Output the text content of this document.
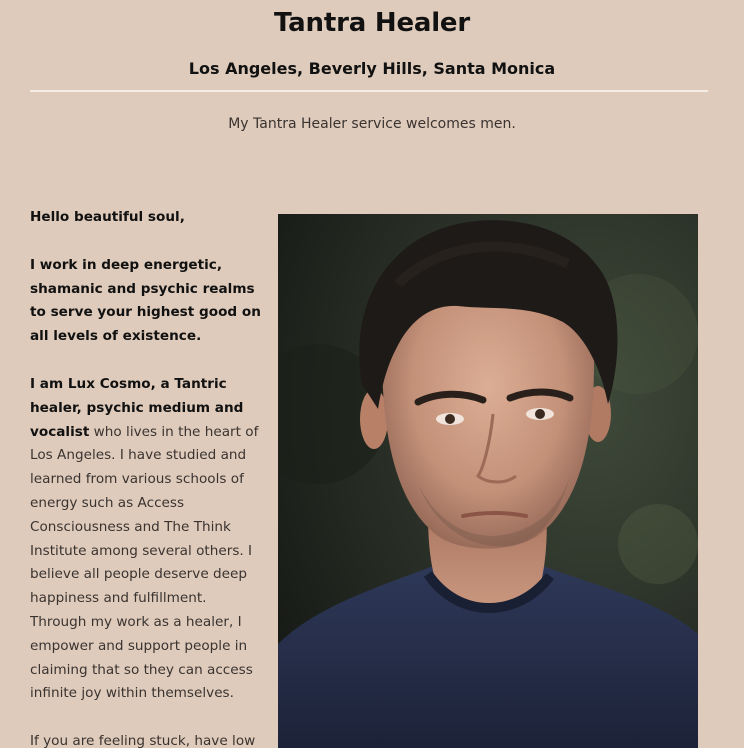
Tantra Healer
Los Angeles, Beverly Hills, Santa Monica
My Tantra Healer service welcomes men.

Hello beautiful soul,

I work in deep energetic, shamanic and psychic realms to serve your highest good on all levels of existence.

I am Lux Cosmo, a Tantric healer, psychic medium and vocalist who lives in the heart of Los Angeles. I have studied and learned from various schools of energy such as Access Consciousness and The Think Institute among several others. I believe all people deserve deep happiness and fulfillment. Through my work as a healer, I empower and support people in claiming that so they can access infinite joy within themselves.

If you are feeling stuck, have low
